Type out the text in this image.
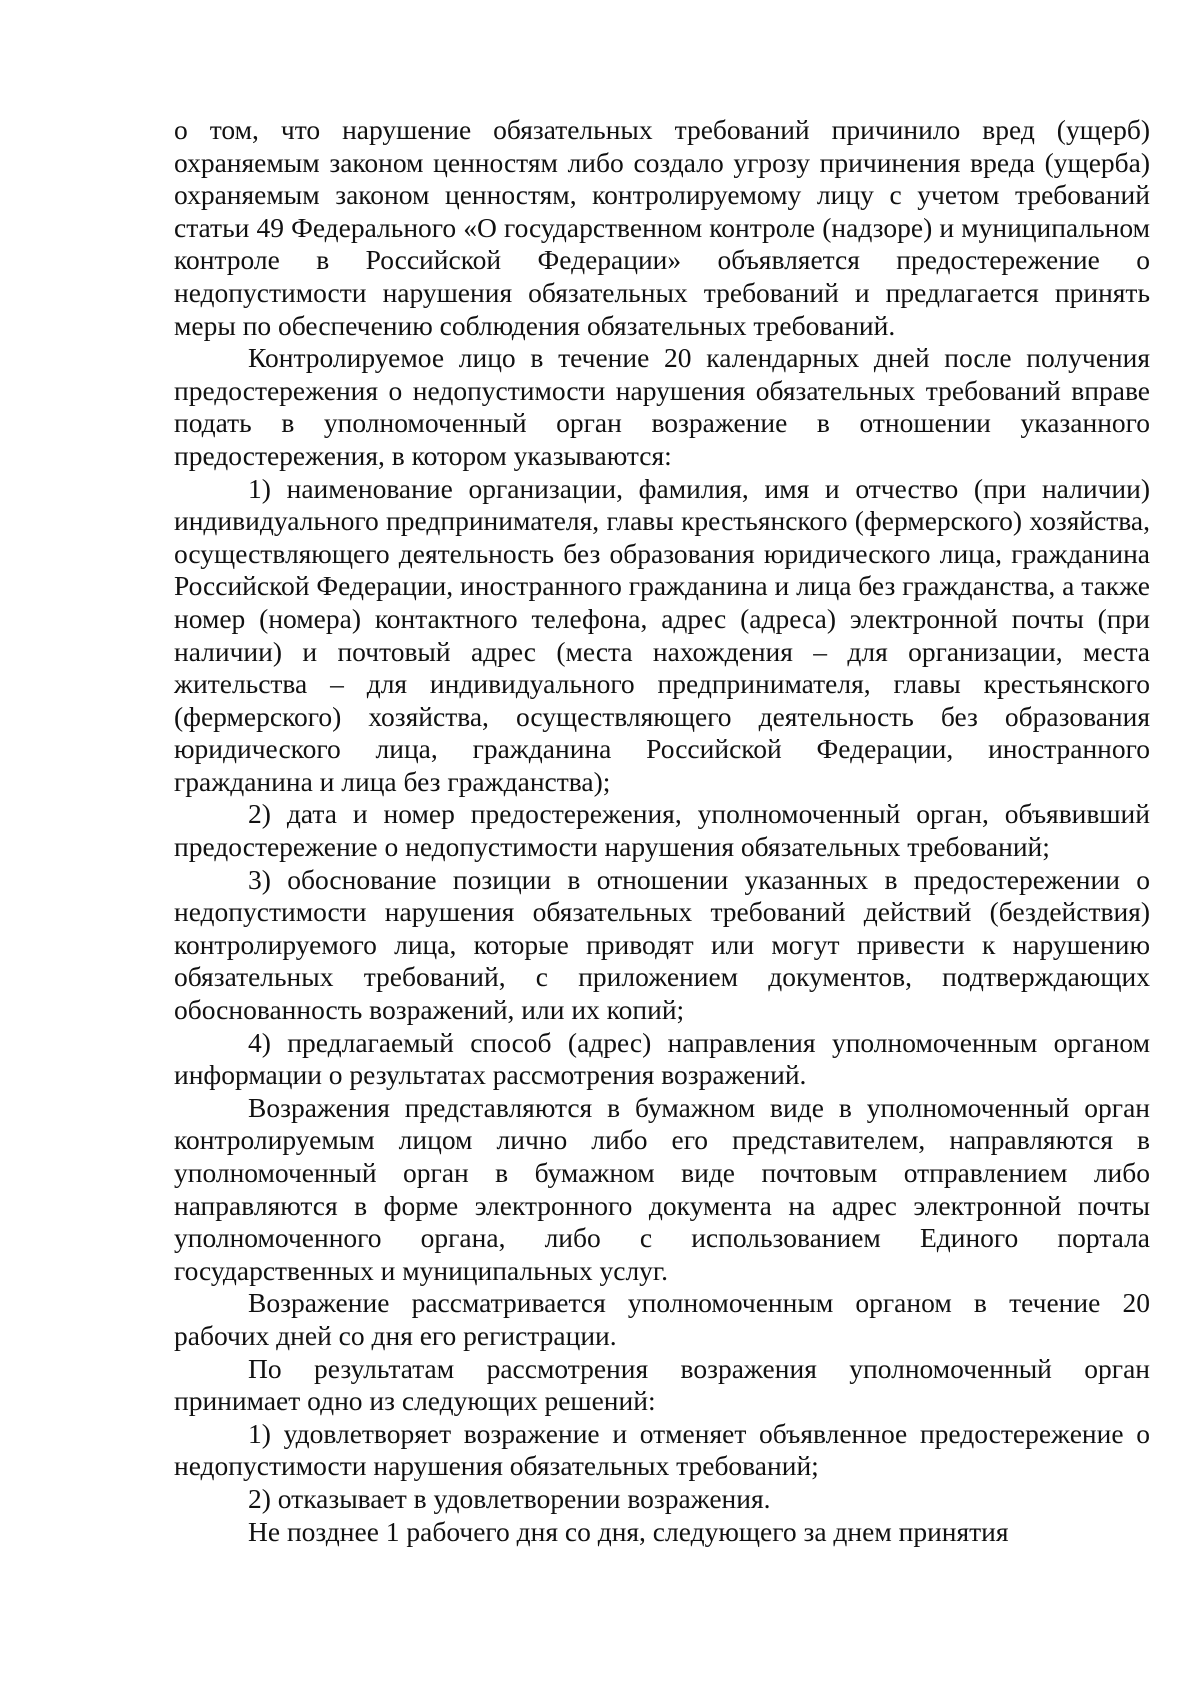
о том, что нарушение обязательных требований причинило вред (ущерб) охраняемым законом ценностям либо создало угрозу причинения вреда (ущерба) охраняемым законом ценностям, контролируемому лицу с учетом требований статьи 49 Федерального «О государственном контроле (надзоре) и муниципальном контроле в Российской Федерации» объявляется предостережение о недопустимости нарушения обязательных требований и предлагается принять меры по обеспечению соблюдения обязательных требований.

Контролируемое лицо в течение 20 календарных дней после получения предостережения о недопустимости нарушения обязательных требований вправе подать в уполномоченный орган возражение в отношении указанного предостережения, в котором указываются:

1) наименование организации, фамилия, имя и отчество (при наличии) индивидуального предпринимателя, главы крестьянского (фермерского) хозяйства, осуществляющего деятельность без образования юридического лица, гражданина Российской Федерации, иностранного гражданина и лица без гражданства, а также номер (номера) контактного телефона, адрес (адреса) электронной почты (при наличии) и почтовый адрес (места нахождения – для организации, места жительства – для индивидуального предпринимателя, главы крестьянского (фермерского) хозяйства, осуществляющего деятельность без образования юридического лица, гражданина Российской Федерации, иностранного гражданина и лица без гражданства);

2) дата и номер предостережения, уполномоченный орган, объявивший предостережение о недопустимости нарушения обязательных требований;

3) обоснование позиции в отношении указанных в предостережении о недопустимости нарушения обязательных требований действий (бездействия) контролируемого лица, которые приводят или могут привести к нарушению обязательных требований, с приложением документов, подтверждающих обоснованность возражений, или их копий;

4) предлагаемый способ (адрес) направления уполномоченным органом информации о результатах рассмотрения возражений.

Возражения представляются в бумажном виде в уполномоченный орган контролируемым лицом лично либо его представителем, направляются в уполномоченный орган в бумажном виде почтовым отправлением либо направляются в форме электронного документа на адрес электронной почты уполномоченного органа, либо с использованием Единого портала государственных и муниципальных услуг.

Возражение рассматривается уполномоченным органом в течение 20 рабочих дней со дня его регистрации.

По результатам рассмотрения возражения уполномоченный орган принимает одно из следующих решений:

1) удовлетворяет возражение и отменяет объявленное предостережение о недопустимости нарушения обязательных требований;

2) отказывает в удовлетворении возражения.

Не позднее 1 рабочего дня со дня, следующего за днем принятия
